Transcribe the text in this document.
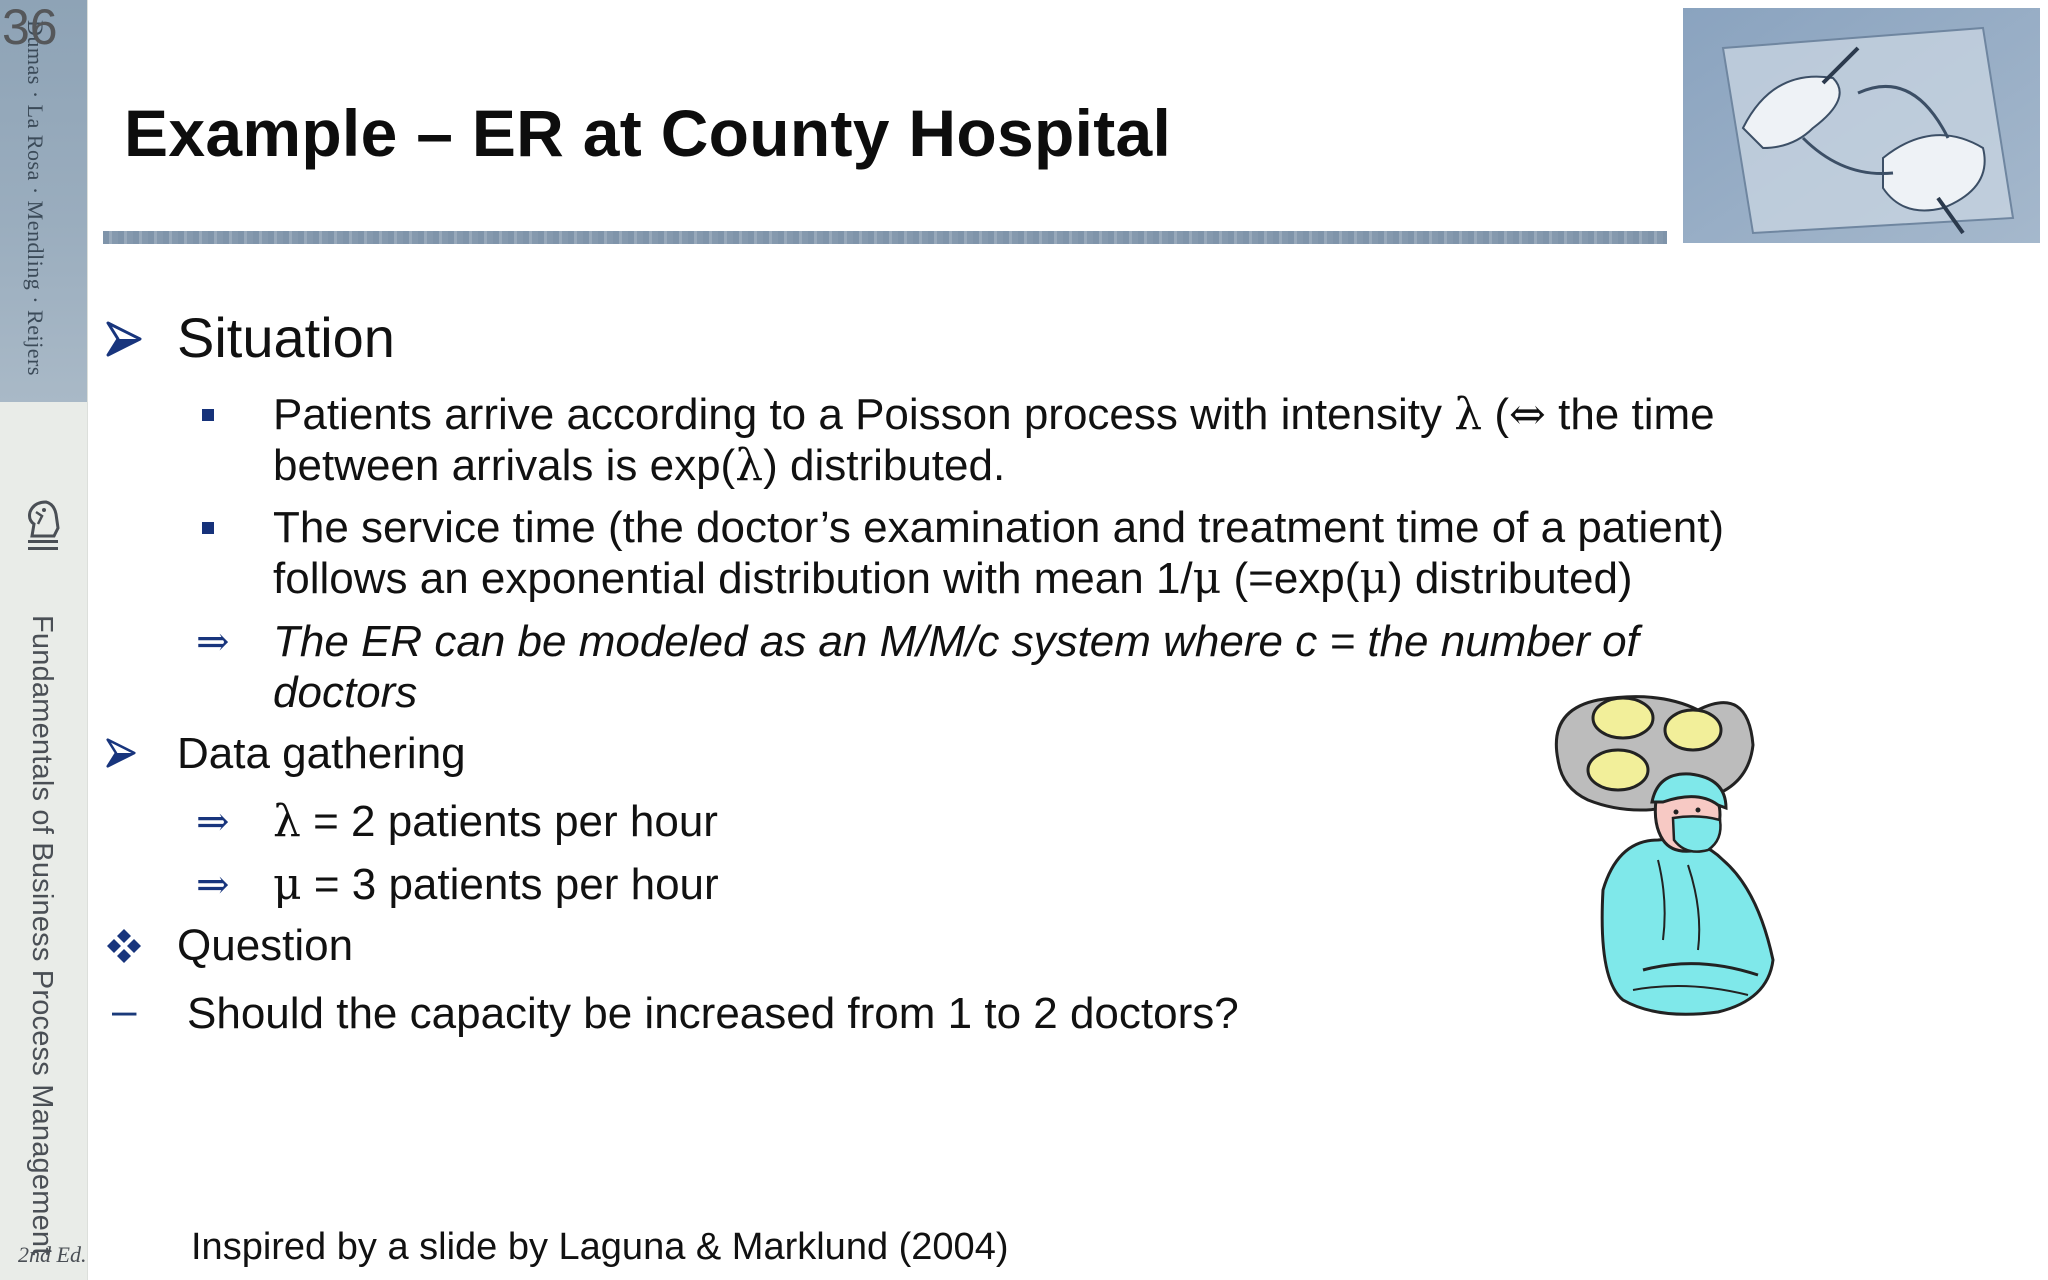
Dumas · La Rosa · Mendling · Reijers
36
Fundamentals of Business Process Management
2nd Ed.
Example – ER at County Hospital
Situation
Patients arrive according to a Poisson process with intensity λ (⇔ the time
between arrivals is exp(λ) distributed.
The service time (the doctor’s examination and treatment time of a patient)
follows an exponential distribution with mean 1/μ (=exp(μ) distributed)
⇒ The ER can be modeled as an M/M/c system where c = the number of doctors
Data gathering
⇒ λ = 2 patients per hour
⇒ μ = 3 patients per hour
Question
– Should the capacity be increased from 1 to 2 doctors?
Inspired by a slide by Laguna & Marklund (2004)
